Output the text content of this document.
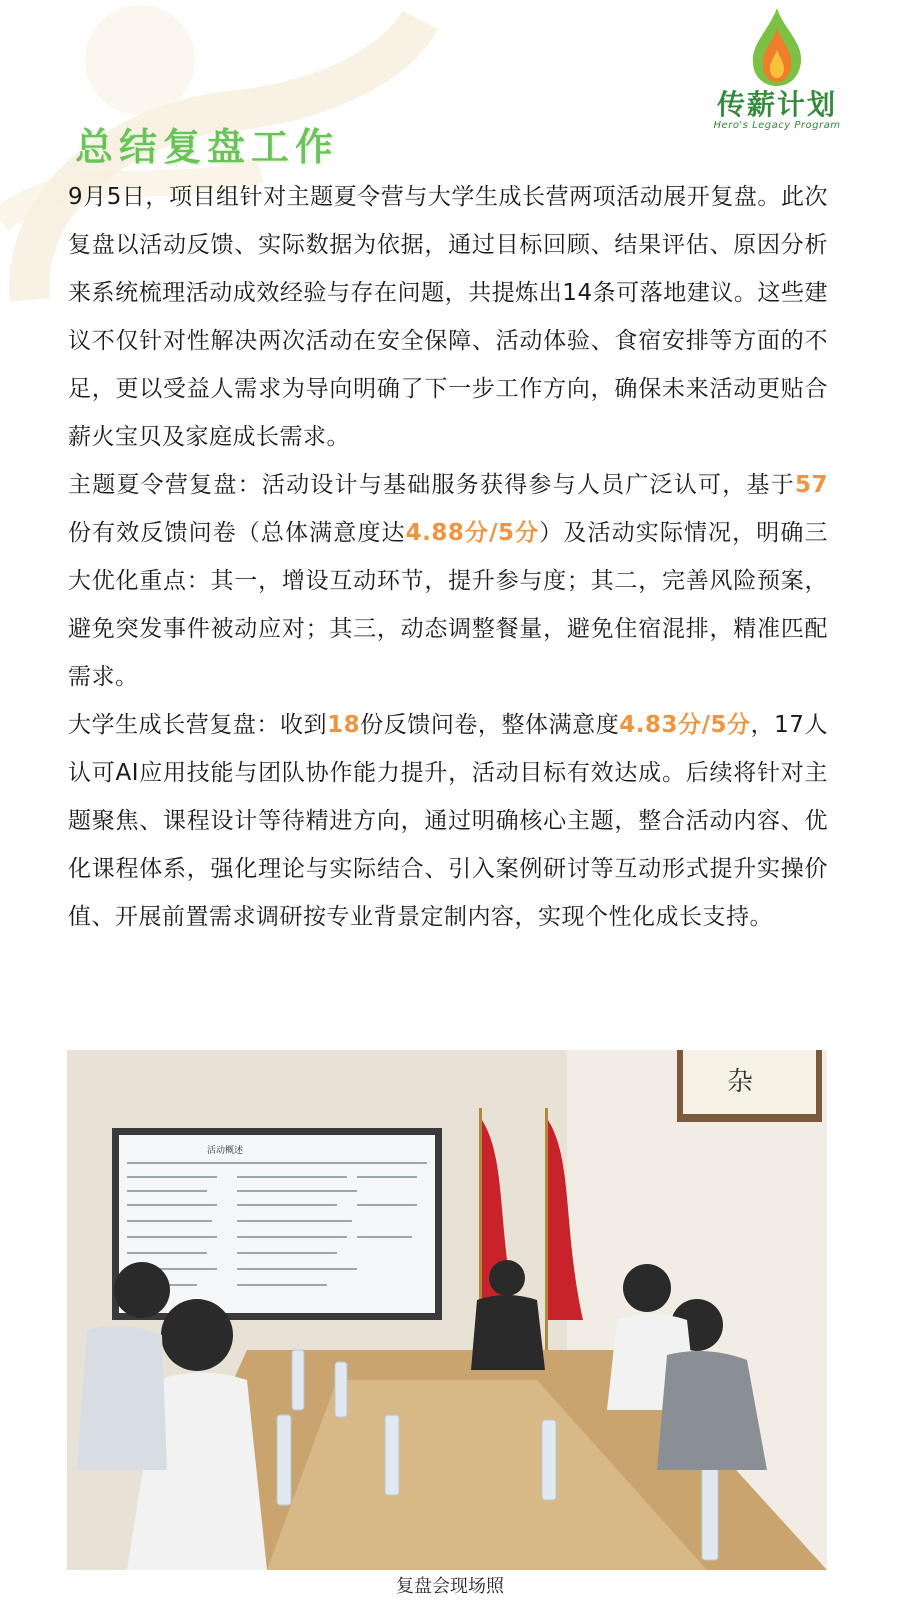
传薪计划
Hero's Legacy Program
总结复盘工作

9月5日，项目组针对主题夏令营与大学生成长营两项活动展开复盘。此次复盘以活动反馈、实际数据为依据，通过目标回顾、结果评估、原因分析来系统梳理活动成效经验与存在问题，共提炼出14条可落地建议。这些建议不仅针对性解决两次活动在安全保障、活动体验、食宿安排等方面的不足，更以受益人需求为导向明确了下一步工作方向，确保未来活动更贴合薪火宝贝及家庭成长需求。

主题夏令营复盘：活动设计与基础服务获得参与人员广泛认可，基于57份有效反馈问卷（总体满意度达4.88分/5分）及活动实际情况，明确三大优化重点：其一，增设互动环节，提升参与度；其二，完善风险预案，避免突发事件被动应对；其三，动态调整餐量，避免住宿混排，精准匹配需求。

大学生成长营复盘：收到18份反馈问卷，整体满意度4.83分/5分，17人认可AI应用技能与团队协作能力提升，活动目标有效达成。后续将针对主题聚焦、课程设计等待精进方向，通过明确核心主题，整合活动内容、优化课程体系，强化理论与实际结合、引入案例研讨等互动形式提升实操价值、开展前置需求调研按专业背景定制内容，实现个性化成长支持。

杂
活动概述
复盘会现场照
